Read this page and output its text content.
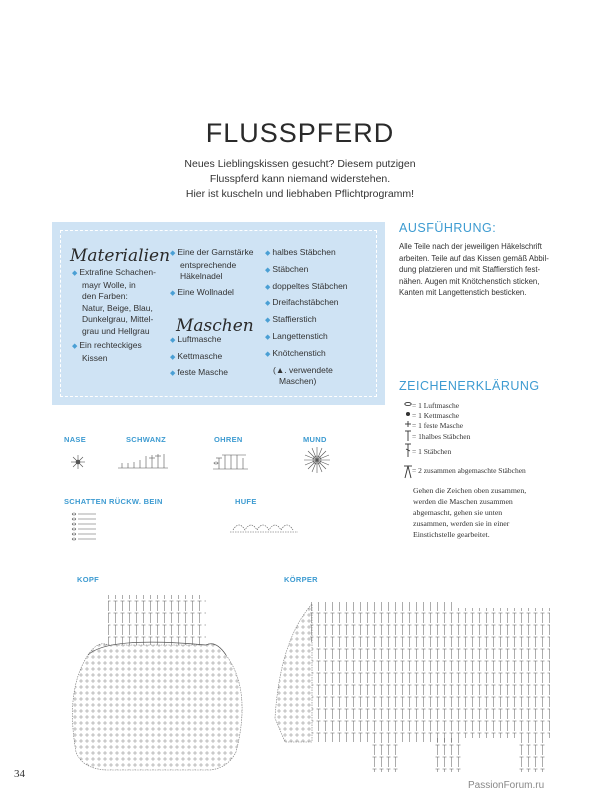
FLUSSPFERD
Neues Lieblingskissen gesucht? Diesem putzigen
Flusspferd kann niemand widerstehen.
Hier ist kuscheln und liebhaben Pflichtprogramm!
Materialien
◆ Extrafine Schachen-
mayr Wolle, in
den Farben:
Natur, Beige, Blau,
Dunkelgrau, Mittel-
grau und Hellgrau
◆ Ein rechteckiges
Kissen
◆ Eine der Garnstärke
entsprechende
Häkelnadel
◆ Eine Wollnadel
Maschen
◆ Luftmasche
◆ Kettmasche
◆ feste Masche
◆ halbes Stäbchen
◆ Stäbchen
◆ doppeltes Stäbchen
◆ Dreifachstäbchen
◆ Staffierstich
◆ Langettenstich
◆ Knötchenstich
(▲. verwendete
Maschen)
AUSFÜHRUNG:
Alle Teile nach der jeweiligen Häkelschrift
arbeiten. Teile auf das Kissen gemäß Abbil-
dung platzieren und mit Staffierstich fest-
nähen. Augen mit Knötchenstich sticken,
Kanten mit Langettenstich besticken.
ZEICHENERKLÄRUNG
= 1 Luftmasche
= 1 Kettmasche
= 1 feste Masche
= 1halbes Stäbchen
= 1 Stäbchen
= 2 zusammen abgemaschte Stäbchen
Gehen die Zeichen oben zusammen,
werden die Maschen zusammen
abgemascht, gehen sie unten
zusammen, werden sie in einer
Einstichstelle gearbeitet.
NASE	SCHWANZ	OHREN	MUND
SCHATTEN RÜCKW. BEIN	HUFE
KOPF	KÖRPER
34
PassionForum.ru
